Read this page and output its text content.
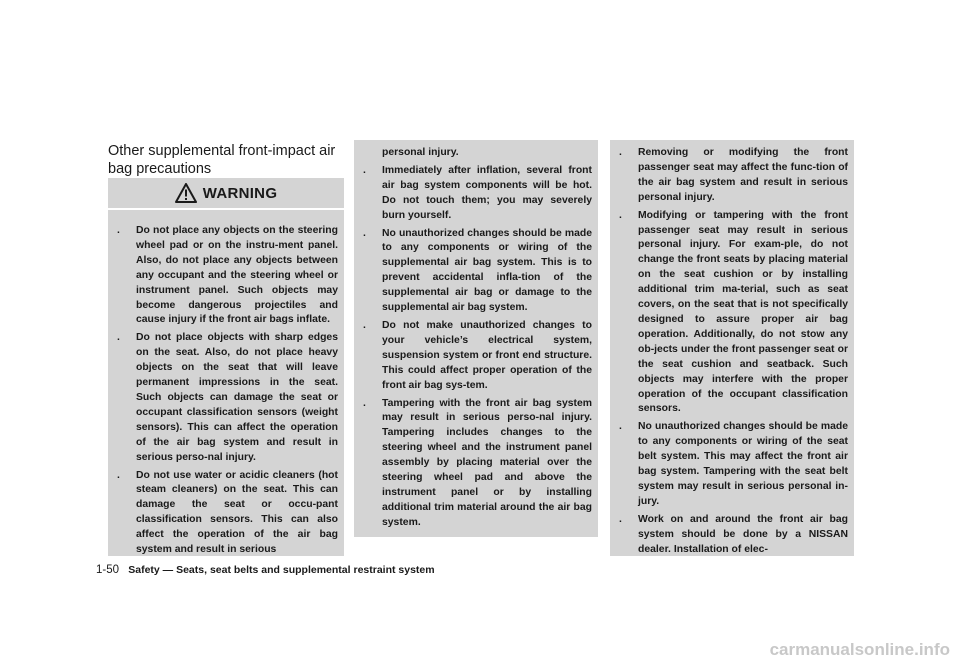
Other supplemental front-impact air bag precautions
WARNING
. Do not place any objects on the steering wheel pad or on the instru-ment panel. Also, do not place any objects between any occupant and the steering wheel or instrument panel. Such objects may become dangerous projectiles and cause injury if the front air bags inflate.
. Do not place objects with sharp edges on the seat. Also, do not place heavy objects on the seat that will leave permanent impressions in the seat. Such objects can damage the seat or occupant classification sensors (weight sensors). This can affect the operation of the air bag system and result in serious perso-nal injury.
. Do not use water or acidic cleaners (hot steam cleaners) on the seat. This can damage the seat or occu-pant classification sensors. This can also affect the operation of the air bag system and result in serious
personal injury.
. Immediately after inflation, several front air bag system components will be hot. Do not touch them; you may severely burn yourself.
. No unauthorized changes should be made to any components or wiring of the supplemental air bag system. This is to prevent accidental infla-tion of the supplemental air bag or damage to the supplemental air bag system.
. Do not make unauthorized changes to your vehicle’s electrical system, suspension system or front end structure. This could affect proper operation of the front air bag sys-tem.
. Tampering with the front air bag system may result in serious perso-nal injury. Tampering includes changes to the steering wheel and the instrument panel assembly by placing material over the steering wheel pad and above the instrument panel or by installing additional trim material around the air bag system.
. Removing or modifying the front passenger seat may affect the func-tion of the air bag system and result in serious personal injury.
. Modifying or tampering with the front passenger seat may result in serious personal injury. For exam-ple, do not change the front seats by placing material on the seat cushion or by installing additional trim ma-terial, such as seat covers, on the seat that is not specifically designed to assure proper air bag operation. Additionally, do not stow any ob-jects under the front passenger seat or the seat cushion and seatback. Such objects may interfere with the proper operation of the occupant classification sensors.
. No unauthorized changes should be made to any components or wiring of the seat belt system. This may affect the front air bag system. Tampering with the seat belt system may result in serious personal in-jury.
. Work on and around the front air bag system should be done by a NISSAN dealer. Installation of elec-
1-50 Safety — Seats, seat belts and supplemental restraint system
carmanualsonline.info
